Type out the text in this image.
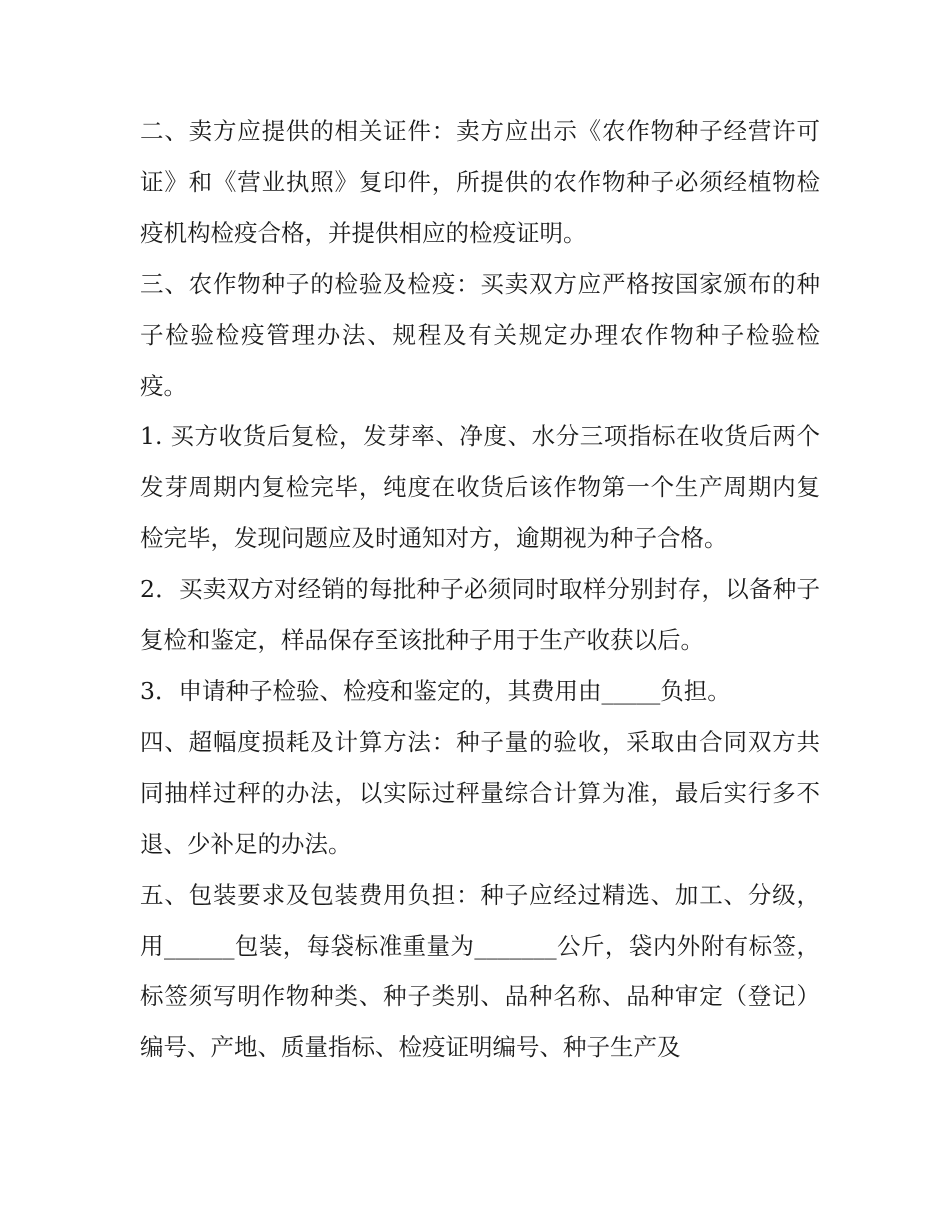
二、卖方应提供的相关证件：卖方应出示《农作物种子经营许可证》和《营业执照》复印件，所提供的农作物种子必须经植物检疫机构检疫合格，并提供相应的检疫证明。

三、农作物种子的检验及检疫：买卖双方应严格按国家颁布的种子检验检疫管理办法、规程及有关规定办理农作物种子检验检疫。

1. 买方收货后复检，发芽率、净度、水分三项指标在收货后两个发芽周期内复检完毕，纯度在收货后该作物第一个生产周期内复检完毕，发现问题应及时通知对方，逾期视为种子合格。

2．买卖双方对经销的每批种子必须同时取样分别封存，以备种子复检和鉴定，样品保存至该批种子用于生产收获以后。

3．申请种子检验、检疫和鉴定的，其费用由_____负担。

四、超幅度损耗及计算方法：种子量的验收，采取由合同双方共同抽样过秤的办法，以实际过秤量综合计算为准，最后实行多不退、少补足的办法。

五、包装要求及包装费用负担：种子应经过精选、加工、分级，用______包装，每袋标准重量为_______公斤，袋内外附有标签，标签须写明作物种类、种子类别、品种名称、品种审定（登记）编号、产地、质量指标、检疫证明编号、种子生产及
